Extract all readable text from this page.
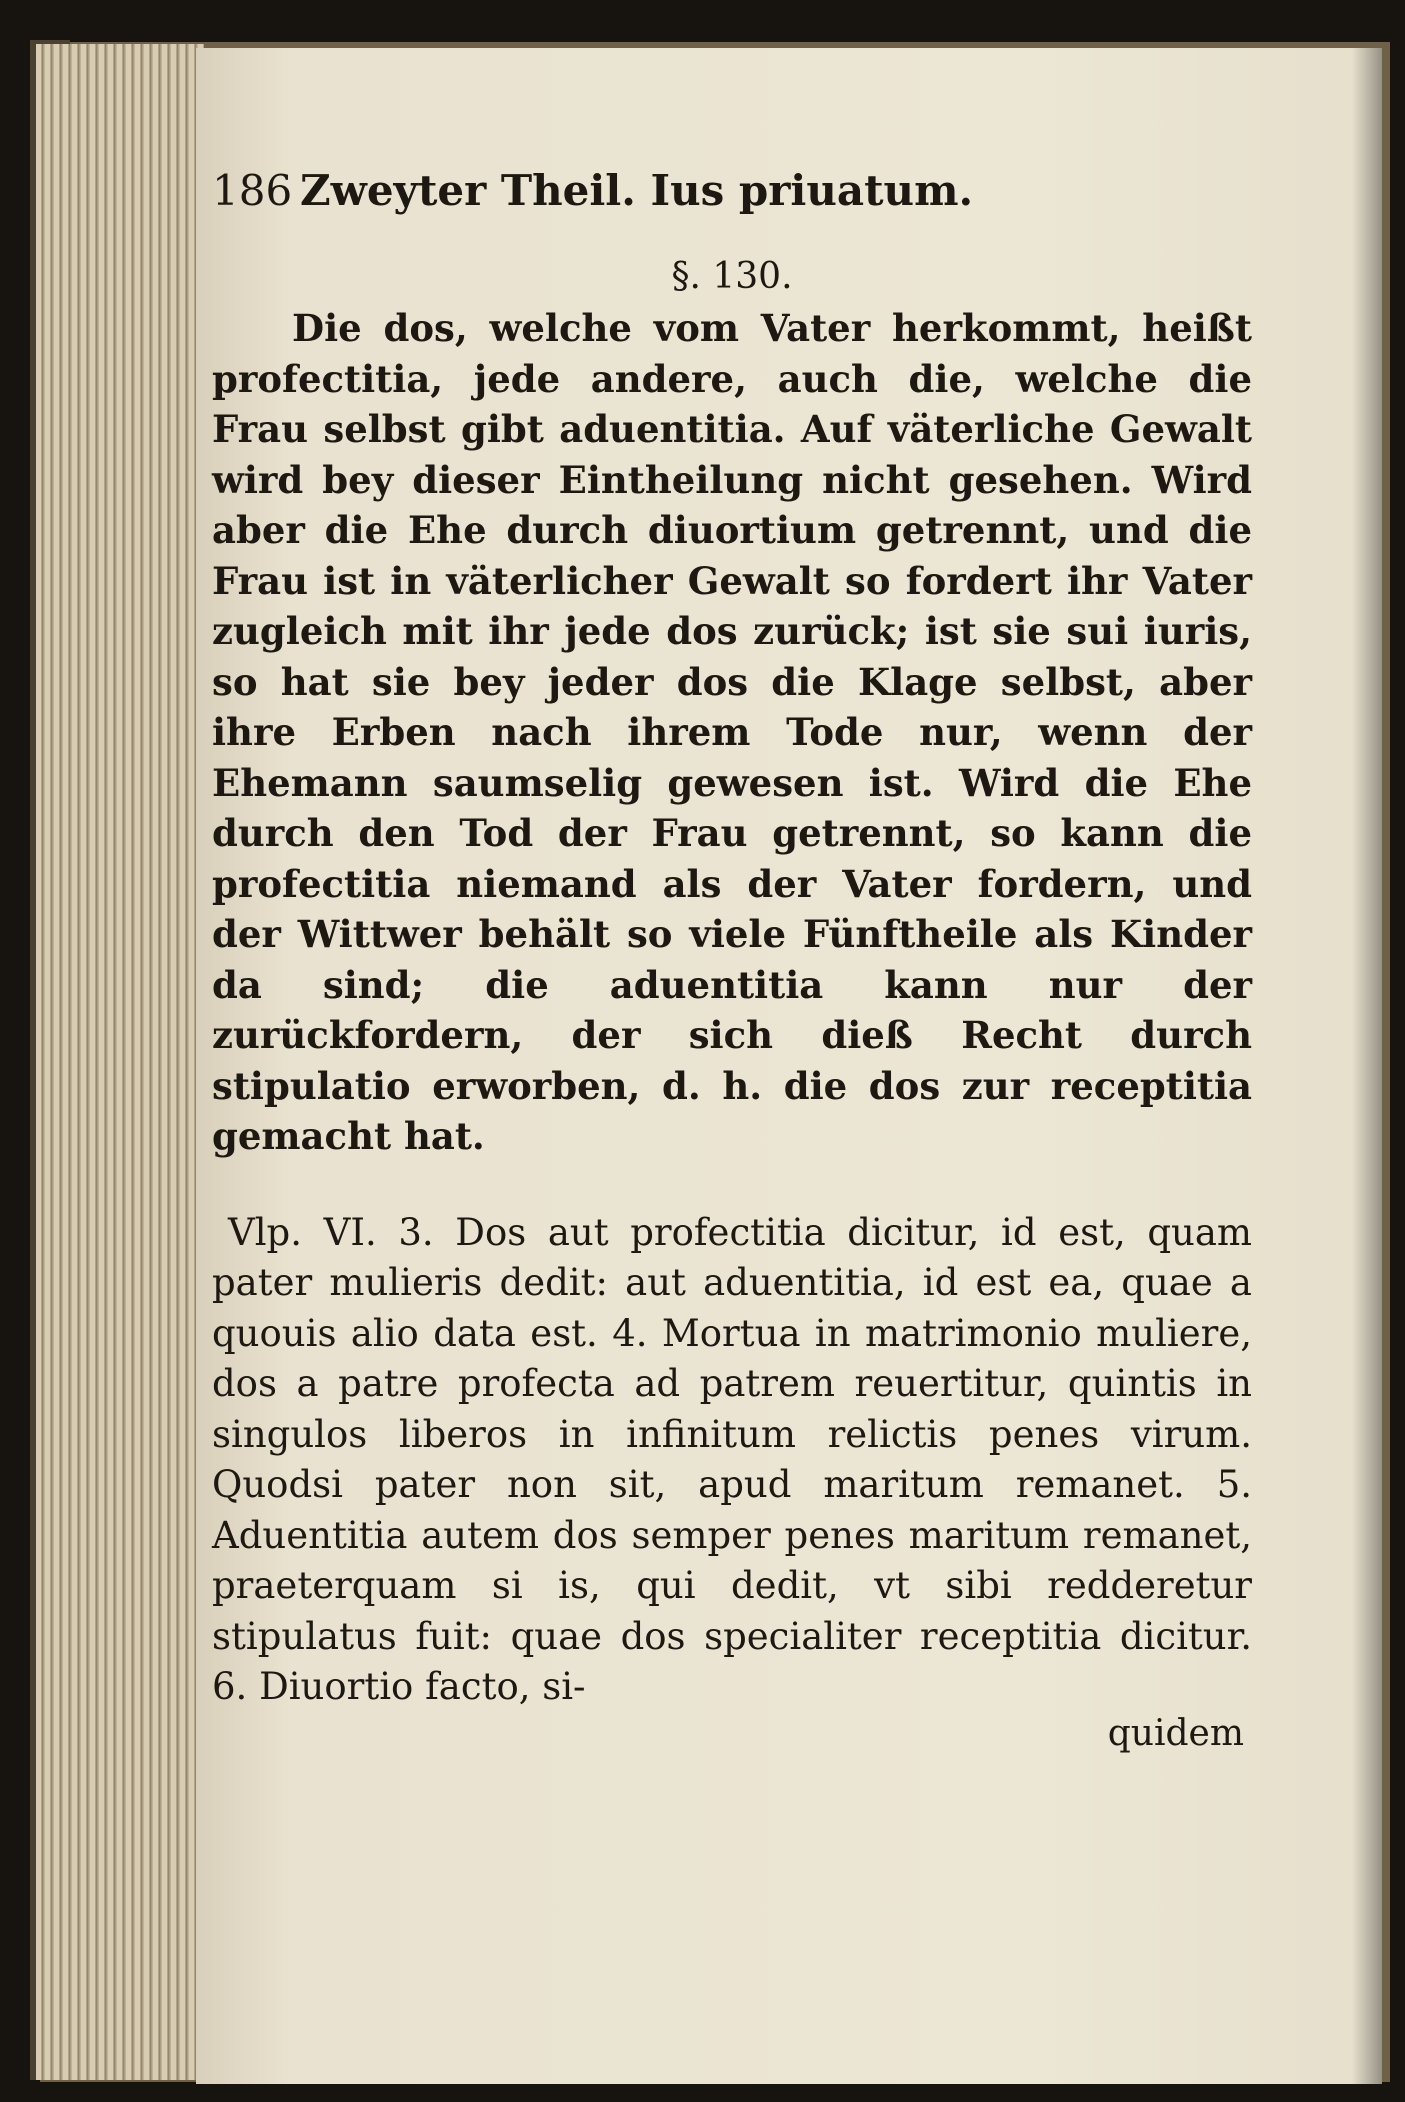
186 Zweyter Theil. Ius priuatum.
§. 130.

Die dos, welche vom Vater herkommt, heißt profectitia, jede andere, auch die, welche die Frau selbst gibt aduentitia. Auf väterliche Gewalt wird bey dieser Eintheilung nicht gesehen. Wird aber die Ehe durch diuortium getrennt, und die Frau ist in väterlicher Gewalt so fordert ihr Vater zugleich mit ihr jede dos zurück; ist sie sui iuris, so hat sie bey jeder dos die Klage selbst, aber ihre Erben nach ihrem Tode nur, wenn der Ehemann saumselig gewesen ist. Wird die Ehe durch den Tod der Frau getrennt, so kann die profectitia niemand als der Vater fordern, und der Wittwer behält so viele Fünftheile als Kinder da sind; die aduentitia kann nur der zurückfordern, der sich dieß Recht durch stipulatio erworben, d. h. die dos zur receptitia gemacht hat.

Vlp. VI. 3. Dos aut profectitia dicitur, id est, quam pater mulieris dedit: aut aduentitia, id est ea, quae a quouis alio data est. 4. Mortua in matrimonio muliere, dos a patre profecta ad patrem reuertitur, quintis in singulos liberos in infinitum relictis penes virum. Quodsi pater non sit, apud maritum remanet. 5. Aduentitia autem dos semper penes maritum remanet, praeterquam si is, qui dedit, vt sibi redderetur stipulatus fuit: quae dos specialiter receptitia dicitur. 6. Diuortio facto, si-

quidem
